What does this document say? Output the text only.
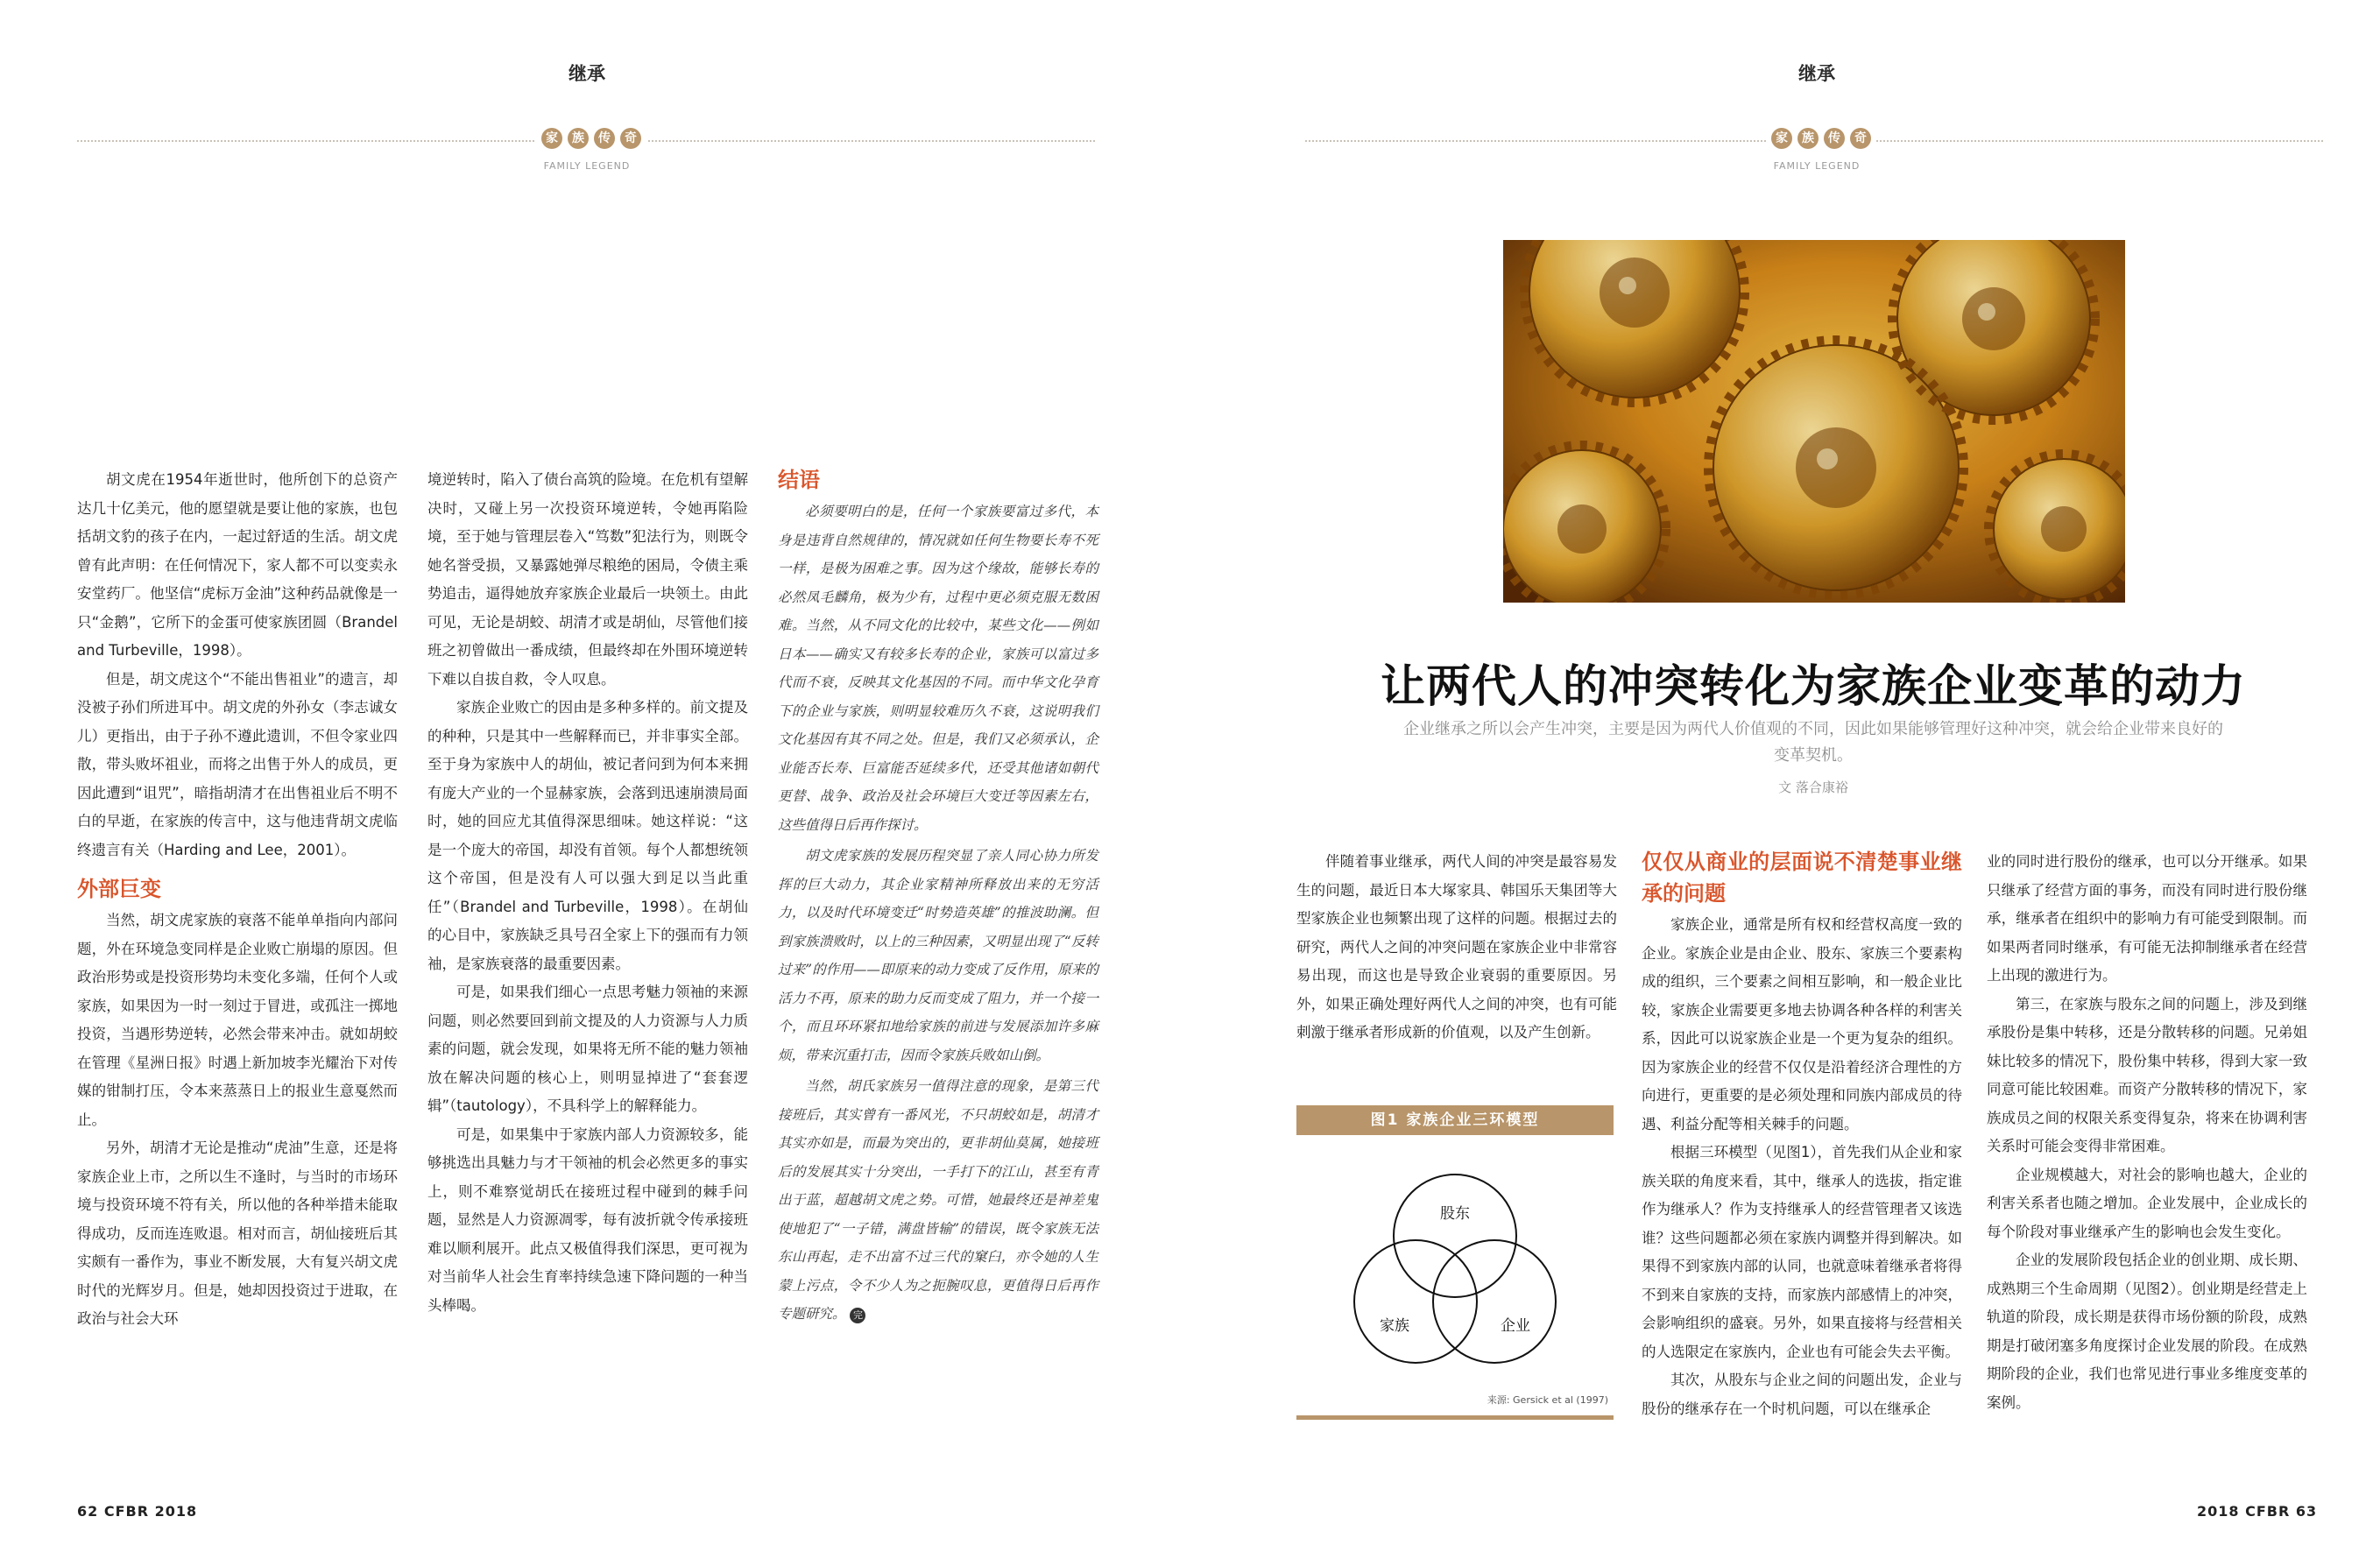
继承
家	族	传	奇
FAMILY LEGEND
继承
家	族	传	奇
FAMILY LEGEND

胡文虎在1954年逝世时，他所创下的总资产达几十亿美元，他的愿望就是要让他的家族，也包括胡文豹的孩子在内，一起过舒适的生活。胡文虎曾有此声明：在任何情况下，家人都不可以变卖永安堂药厂。他坚信“虎标万金油”这种药品就像是一只“金鹅”，它所下的金蛋可使家族团圆（Brandel and Turbeville，1998）。

但是，胡文虎这个“不能出售祖业”的遗言，却没被子孙们所进耳中。胡文虎的外孙女（李志诚女儿）更指出，由于子孙不遵此遗训，不但令家业四散，带头败坏祖业，而将之出售于外人的成员，更因此遭到“诅咒”，暗指胡清才在出售祖业后不明不白的早逝，在家族的传言中，这与他违背胡文虎临终遗言有关（Harding and Lee，2001）。

外部巨变

当然，胡文虎家族的衰落不能单单指向内部问题，外在环境急变同样是企业败亡崩塌的原因。但政治形势或是投资形势均未变化多端，任何个人或家族，如果因为一时一刻过于冒进，或孤注一掷地投资，当遇形势逆转，必然会带来冲击。就如胡蛟在管理《星洲日报》时遇上新加坡李光耀治下对传媒的钳制打压，令本来蒸蒸日上的报业生意戛然而止。

另外，胡清才无论是推动“虎油”生意，还是将家族企业上市，之所以生不逢时，与当时的市场环境与投资环境不符有关，所以他的各种举措未能取得成功，反而连连败退。相对而言，胡仙接班后其实颇有一番作为，事业不断发展，大有复兴胡文虎时代的光辉岁月。但是，她却因投资过于进取，在政治与社会大环

境逆转时，陷入了债台高筑的险境。在危机有望解决时，又碰上另一次投资环境逆转，令她再陷险境，至于她与管理层卷入“笃数”犯法行为，则既令她名誉受损，又暴露她弹尽粮绝的困局，令债主乘势追击，逼得她放弃家族企业最后一块领土。由此可见，无论是胡蛟、胡清才或是胡仙，尽管他们接班之初曾做出一番成绩，但最终却在外围环境逆转下难以自拔自救，令人叹息。

家族企业败亡的因由是多种多样的。前文提及的种种，只是其中一些解释而已，并非事实全部。至于身为家族中人的胡仙，被记者问到为何本来拥有庞大产业的一个显赫家族，会落到迅速崩溃局面时，她的回应尤其值得深思细味。她这样说：“这是一个庞大的帝国，却没有首领。每个人都想统领这个帝国，但是没有人可以强大到足以当此重任”（Brandel and Turbeville，1998）。在胡仙的心目中，家族缺乏具号召全家上下的强而有力领袖，是家族衰落的最重要因素。

可是，如果我们细心一点思考魅力领袖的来源问题，则必然要回到前文提及的人力资源与人力质素的问题，就会发现，如果将无所不能的魅力领袖放在解决问题的核心上，则明显掉进了“套套逻辑”（tautology），不具科学上的解释能力。

可是，如果集中于家族内部人力资源较多，能够挑选出具魅力与才干领袖的机会必然更多的事实上，则不难察觉胡氏在接班过程中碰到的棘手问题，显然是人力资源凋零，每有波折就令传承接班难以顺利展开。此点又极值得我们深思，更可视为对当前华人社会生育率持续急速下降问题的一种当头棒喝。

结语

必须要明白的是，任何一个家族要富过多代，本身是违背自然规律的，情况就如任何生物要长寿不死一样，是极为困难之事。因为这个缘故，能够长寿的必然凤毛麟角，极为少有，过程中更必须克服无数困难。当然，从不同文化的比较中，某些文化——例如日本——确实又有较多长寿的企业，家族可以富过多代而不衰，反映其文化基因的不同。而中华文化孕育下的企业与家族，则明显较难历久不衰，这说明我们文化基因有其不同之处。但是，我们又必须承认，企业能否长寿、巨富能否延续多代，还受其他诸如朝代更替、战争、政治及社会环境巨大变迁等因素左右，这些值得日后再作探讨。

胡文虎家族的发展历程突显了亲人同心协力所发挥的巨大动力，其企业家精神所释放出来的无穷活力，以及时代环境变迁“时势造英雄”的推波助澜。但到家族溃败时，以上的三种因素，又明显出现了“反转过来”的作用——即原来的动力变成了反作用，原来的活力不再，原来的助力反而变成了阻力，并一个接一个，而且环环紧扣地给家族的前进与发展添加许多麻烦，带来沉重打击，因而令家族兵败如山倒。

当然，胡氏家族另一值得注意的现象，是第三代接班后，其实曾有一番风光，不只胡蛟如是，胡清才其实亦如是，而最为突出的，更非胡仙莫属，她接班后的发展其实十分突出，一手打下的江山，甚至有青出于蓝，超越胡文虎之势。可惜，她最终还是神差鬼使地犯了“一子错，满盘皆输”的错误，既令家族无法东山再起，走不出富不过三代的窠臼，亦令她的人生蒙上污点，令不少人为之扼腕叹息，更值得日后再作专题研究。 完

62 CFBR 2018
让两代人的冲突转化为家族企业变革的动力
企业继承之所以会产生冲突，主要是因为两代人价值观的不同，因此如果能够管理好这种冲突，就会给企业带来良好的变革契机。
文 落合康裕

伴随着事业继承，两代人间的冲突是最容易发生的问题，最近日本大塚家具、韩国乐天集团等大型家族企业也频繁出现了这样的问题。根据过去的研究，两代人之间的冲突问题在家族企业中非常容易出现，而这也是导致企业衰弱的重要原因。另外，如果正确处理好两代人之间的冲突，也有可能刺激于继承者形成新的价值观，以及产生创新。

图1 家族企业三环模型
股东
家族	企业
来源: Gersick et al (1997)
仅仅从商业的层面说不清楚事业继承的问题

家族企业，通常是所有权和经营权高度一致的企业。家族企业是由企业、股东、家族三个要素构成的组织，三个要素之间相互影响，和一般企业比较，家族企业需要更多地去协调各种各样的利害关系，因此可以说家族企业是一个更为复杂的组织。因为家族企业的经营不仅仅是沿着经济合理性的方向进行，更重要的是必须处理和同族内部成员的待遇、利益分配等相关棘手的问题。

根据三环模型（见图1），首先我们从企业和家族关联的角度来看，其中，继承人的选拔，指定谁作为继承人？作为支持继承人的经营管理者又该选谁？这些问题都必须在家族内调整并得到解决。如果得不到家族内部的认同，也就意味着继承者将得不到来自家族的支持，而家族内部感情上的冲突，会影响组织的盛衰。另外，如果直接将与经营相关的人选限定在家族内，企业也有可能会失去平衡。

其次，从股东与企业之间的问题出发，企业与股份的继承存在一个时机问题，可以在继承企

业的同时进行股份的继承，也可以分开继承。如果只继承了经营方面的事务，而没有同时进行股份继承，继承者在组织中的影响力有可能受到限制。而如果两者同时继承，有可能无法抑制继承者在经营上出现的激进行为。

第三，在家族与股东之间的问题上，涉及到继承股份是集中转移，还是分散转移的问题。兄弟姐妹比较多的情况下，股份集中转移，得到大家一致同意可能比较困难。而资产分散转移的情况下，家族成员之间的权限关系变得复杂，将来在协调利害关系时可能会变得非常困难。

企业规模越大，对社会的影响也越大，企业的利害关系者也随之增加。企业发展中，企业成长的每个阶段对事业继承产生的影响也会发生变化。

企业的发展阶段包括企业的创业期、成长期、成熟期三个生命周期（见图2）。创业期是经营走上轨道的阶段，成长期是获得市场份额的阶段，成熟期是打破闭塞多角度探讨企业发展的阶段。在成熟期阶段的企业，我们也常见进行事业多维度变革的案例。

2018 CFBR 63
